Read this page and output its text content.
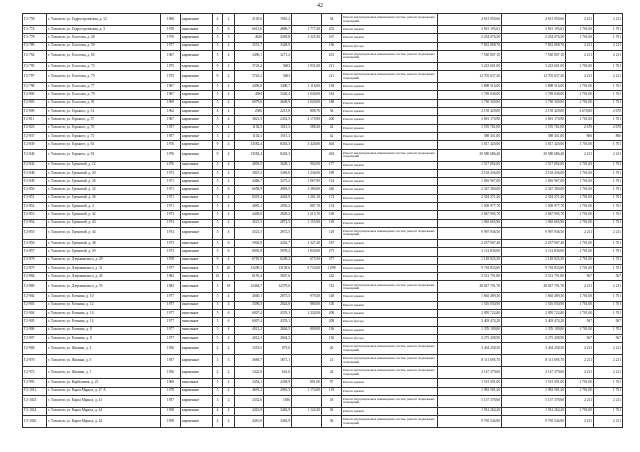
42
Г2-758	г. Тольятти, ул. Гидростроевская, д. 12	1960	кирпичные	4	2	2105,6	1961,2		54	Ремонт внутридомовых инженерных систем, ремонт подвальных помещений	4 651 050,60	4 651 050,60	2 211	2 211
Г2-774	г. Тольятти, ул. Гидростроевская, д. 3	1978	панельные	5	6	6613,6	4886,7	1 777,40	252	Ремонт крыши	3 815 195,61	3 815 195,61	1 701,00	1 701
Г2-778	г. Тольятти, ул. Голосова, д. 28	1976	кирпичные	5	5	4620	4459,8	1 325,50	167	Ремонт крыши	2 254 076,50	2 254 076,50	1 701,00	1 701
Г2-789	г. Тольятти, ул. Голосова, д. 59	1977	кирпичные	5	4	3551,7	3348,9		136	Ремонт фасада	7 852 808,70	7 852 808,70	2 211	2 211
Г2-792	г. Тольятти, ул. Голосова, д. 65	1967	кирпичные	5	4	3496,1	3271,2		201	Ремонт внутридомовых инженерных систем, ремонт подвальных помещений	7 530 807,10	7 530 807,10	2 211	2 211
Г2-795	г. Тольятти, ул. Голосова, д. 73	1975	кирпичные	9	2	5743,2	5603	1 931,00	211	Ремонт крыши	3 223 601,00	3 223 601,00	1 701,00	1 701
Г2-797	г. Тольятти, ул. Голосова, д. 75	1975	кирпичные	9	2	5743,2	5603		211	Ремонт внутридомовых инженерных систем, ремонт подвальных помещений	12 705 637,20	12 705 637,20	2 211	2 211
Г2-798	г. Тольятти, ул. Голосова, д. 77	1967	кирпичные	5	4	4496,8	3408,7	1 116,00	158	Ремонт крыши	1 898 316,00	1 898 316,00	1 701,00	1 701
Г2-800	г. Тольятти, ул. Голосова, д. 79	1967	кирпичные	5	4	4384	3326,4	1 040,00	163	Ремонт крыши	1 769 040,00	1 769 040,00	1 701,00	1 701
Г2-803	г. Тольятти, ул. Голосова, д. 91	1969	кирпичные	5	4	6079,6	4648,9	1 029,00	188	Ремонт крыши	1 750 329,00	1 750 329,00	1 701,00	1 701
Г2-809	г. Тольятти, ул. Горького, д. 31	1962	кирпичные	4	2	2386	2215,8	808,70	54	Ремонт крыши	2 159 429,00	2 159 429,00	2 670,00	2 670
Г2-811	г. Тольятти, ул. Горького, д. 57	1967	кирпичные	5	4	3821,5	2452,5	2 170,90	200	Ремонт крыши	3 691 170,90	3 691 170,90	1 701,00	1 701
Г2-823	г. Тольятти, ул. Горького, д. 70	1957	кирпичные	3	2	1102,3	1015,3	588,20	42	Ремонт крыши	1 570 761,00	1 570 761,00	2 670	2 670
Г2-837	г. Тольятти, ул. Горького, д. 75	1957	кирпичные	3	2	1102,3	1015,3		42	Ремонт фасада	588 451,00	588 451,00	806	806
Г2-839	г. Тольятти, ул. Горького, д. 92	1976	кирпичные	9	4	13582,4	8454,3	3 420,00	404	Ремонт крыши	5 817 420,00	5 817 420,00	1 701,00	1 701
Г2-840	г. Тольятти, ул. Горького, д. 92	1976	кирпичные	9	4	13582,4	8454,3		404	Ремонт внутридомовых инженерных систем, ремонт подвальных помещений	29 580 686,40	29 580 686,40	2 211	2 211
Г2-842	г. Тольятти, ул. Громовой, д. 12	1976	панельные	5	4	4003,5	3628,1	902,00	177	Ремонт крыши	1 517 802,00	1 517 802,00	1 701,00	1 701
Г2-848	г. Тольятти, ул. Громовой, д. 20	1973	кирпичные	5	4	3847,2	3369,6	1 236,00	189	Ремонт крыши	2 102 436,00	2 102 436,00	1 701,00	1 701
Г2-849	г. Тольятти, ул. Громовой, д. 26	1971	кирпичные	5	4	4466,7	3275,2	1 067,90	124	Ремонт крыши	1 816 967,00	1 816 967,00	1 701,00	1 701
Г2-850	г. Тольятти, ул. Громовой, д. 32	1971	кирпичные	5	6	6658,9	4903,5	1 380,00	240	Ремонт крыши	2 347 380,00	2 347 380,00	1 701,00	1 701
Г2-851	г. Тольятти, ул. Громовой, д. 36	1971	панельные	5	4	6201,2	4443,9	1 261,10	174	Ремонт крыши	2 354 271,20	2 354 271,20	1 701,00	1 701
Г2-852	г. Тольятти, ул. Громовой, д. 4	1971	кирпичные	5	4	4081,1	2930,2	887,70	134	Ремонт крыши	1 509 977,70	1 509 977,70	1 701,00	1 701
Г2-853	г. Тольятти, ул. Громовой, д. 42	1973	кирпичные	5	4	4449,6	2828,2	1 215,70	128	Ремонт крыши	2 067 905,70	2 067 905,70	1 701,00	1 701
Г2-854	г. Тольятти, ул. Громовой, д. 43	1974	кирпичные	5	4	4521,5	2872,5	1 155,90	129	Ремонт крыши	1 965 665,90	1 965 665,90	1 701,00	1 701
Г2-855	г. Тольятти, ул. Громовой, д. 44	1974	кирпичные	5	4	4521,5	2872,5		129	Ремонт внутридомовых инженерных систем, ремонт подвальных помещений	9 997 036,50	9 997 036,50	2 211	2 211
Г2-856	г. Тольятти, ул. Громовой, д. 48	1973	панельные	5	6	5902,8	4432,7	1 327,40	187	Ремонт крыши	2 257 907,40	2 257 907,40	1 701,00	1 701
Г2-857	г. Тольятти, ул. Громовой, д. 50	1973	кирпичные	5	6	8093,8	5978,2	1 830,00	275	Ремонт крыши	3 112 830,00	3 112 830,00	1 701,00	1 701
Г2-878	г. Тольятти, ул. Дзержинского, д. 29	1978	панельные	9	4	6781,9	6349,2	675,50	377	Ремонт крыши	1 149 025,50	1 149 025,50	1 701,00	1 701
Г2-879	г. Тольятти, ул. Дзержинского, д. 31	1977	панельные	5	26	13209,3	13139,6	5 733,60	1 098	Ремонт крыши	9 718 833,60	9 718 833,60	1 701,00	1 701
Г2-884	г. Тольятти, ул. Дзержинского, д. 45	1982	панельные	16	1	6195,4	5847,6		242	Ремонт фасада	3 512 791,80	3 512 791,80	567	567
Г2-889	г. Тольятти, ул. Дзержинского, д. 55	1982	панельные	5	18	12464,7	12379,6		742	Ремонт внутридомовых инженерных систем, ремонт подвальных помещений	28 027 791,70	28 027 791,70	2 211	2 211
Г2-902	г. Тольятти, ул. Есенина, д. 10	1977	панельные	5	4	4040,1	2873,5	979,30	148	Ремонт крыши	1 665 489,30	1 665 489,30	1 701,00	1 701
Г2-903	г. Тольятти, ул. Есенина, д. 12	1977	панельные	5	4	3396,5	2824,8	880,00	130	Ремонт крыши	1 516 030,90	1 516 030,90	1 701,00	1 701
Г2-904	г. Тольятти, ул. Есенина, д. 14	1977	панельные	5	6	6007,4	4376,1	1 232,00	208	Ремонт крыши	2 095 722,00	2 095 722,00	1 701,00	1 701
Г2-905	г. Тольятти, ул. Есенина, д. 14	1977	панельные	5	6	6007,4	4376,1		208	Ремонт фасада	3 403 474,20	3 403 474,20	567	567
Г2-906	г. Тольятти, ул. Есенина, д. 8	1977	панельные	5	4	4012,3	2844,5	809,00	136	Ремонт крыши	1 376 109,00	1 376 109,00	1 701,00	1 701
Г2-907	г. Тольятти, ул. Есенина, д. 8	1977	панельные	5	4	4012,3	2844,5		136	Ремонт фасада	2 275 208,90	2 275 208,90	567	567
Г2-968	г. Тольятти, ул. Жилина, д. 3	1956	кирпичные	2	2	1553,5	875,6		20	Ремонт внутридомовых инженерных систем, ремонт подвальных помещений	3 434 258,50	3 434 258,50	2 211	2 211
Г2-970	г. Тольятти, ул. Жилина, д. 5	1957	кирпичные	3	3	3669,7	1871,1		21	Ремонт внутридомовых инженерных систем, ремонт подвальных помещений	8 111 695,70	8 111 695,70	2 211	2 211
Г2-973	г. Тольятти, ул. Жилина, д. 7	1956	кирпичные	2	2	1422,8	641,6		24	Ремонт внутридомовых инженерных систем, ремонт подвальных помещений	3 147 379,60	3 147 379,60	2 211	2 211
Г2-993	г. Тольятти, ул. Карбышева, д. 23	1969	панельные	5	4	3454,1	2458,9	891,00	97	Ремонт крыши	1 515 591,00	1 515 591,00	1 701,00	1 701
Г2-1012	г. Тольятти, ул. Карла Маркса, д. 27 А	1978	кирпичные	5	4	4691,2	2963,3	1 174,00	119	Ремонт крыши	1 992 581,20	1 992 581,20	1 701,00	1 701
Г2-1023	г. Тольятти, ул. Карла Маркса, д. 41	1957	кирпичные	3	2	2332,6	1186		18	Ремонт внутридомовых инженерных систем, ремонт подвальных помещений	5 157 378,60	5 157 378,60	2 211	2 211
Г2-1024	г. Тольятти, ул. Карла Маркса, д. 44	1958	кирпичные	4	4	4416,8	3463,9	1 124,20	56	Ремонт крыши	1 912 264,20	1 912 264,20	1 701,00	1 701
Г2-1026	г. Тольятти, ул. Карла Маркса, д. 44	1958	кирпичные	4	4	4416,8	3463,9		56	Ремонт внутридомовых инженерных систем, ремонт подвальных помещений	9 765 544,80	9 765 544,80	2 211	2 211
